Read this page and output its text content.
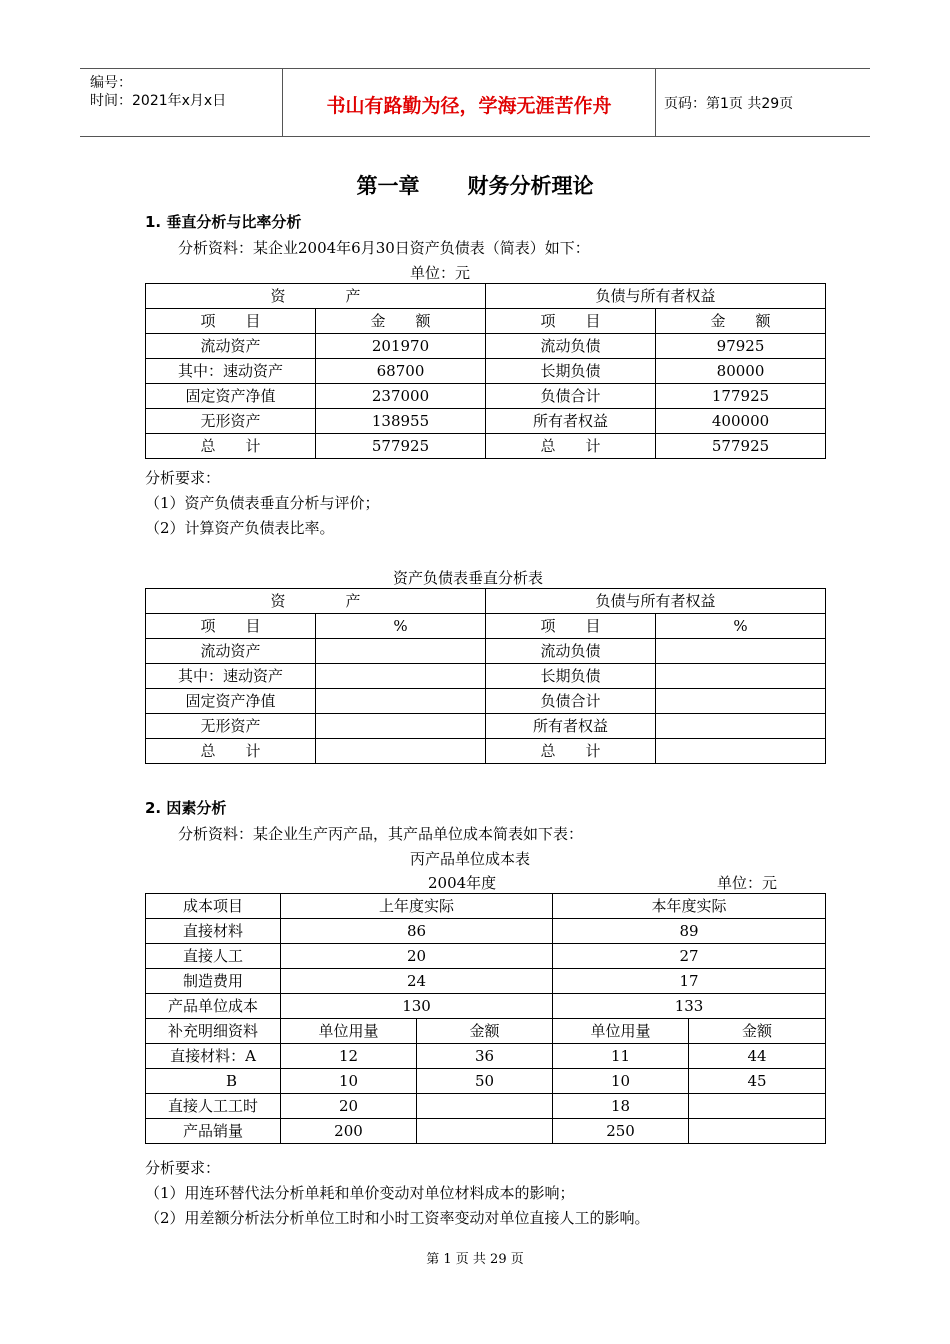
编号：
时间：2021年x月x日	书山有路勤为径，学海无涯苦作舟	页码：第1页 共29页
第一章 财务分析理论
1. 垂直分析与比率分析
分析资料：某企业2004年6月30日资产负债表（简表）如下：
单位：元
资　　　　产		负债与所有者权益	
项　　目	金　　额	项　　目	金　　额
流动资产	201970	流动负债	97925
其中：速动资产	68700	长期负债	80000
固定资产净值	237000	负债合计	177925
无形资产	138955	所有者权益	400000
总　　计	577925	总　　计	577925
分析要求：
（1）资产负债表垂直分析与评价；
（2）计算资产负债表比率。
资产负债表垂直分析表
资　　　　产		负债与所有者权益	
项　　目	%	项　　目	%
流动资产		流动负债	
其中：速动资产		长期负债	
固定资产净值		负债合计	
无形资产		所有者权益	
总　　计		总　　计	
2. 因素分析
分析资料：某企业生产丙产品，其产品单位成本简表如下表：
丙产品单位成本表
2004年度	单位：元
成本项目	上年度实际		本年度实际	
直接材料	86		89	
直接人工	20		27	
制造费用	24		17	
产品单位成本	130		133	
补充明细资料	单位用量	金额	单位用量	金额
直接材料：A	12	36	11	44
B	10	50	10	45
直接人工工时	20		18	
产品销量	200		250	
分析要求：
（1）用连环替代法分析单耗和单价变动对单位材料成本的影响；
（2）用差额分析法分析单位工时和小时工资率变动对单位直接人工的影响。
第 1 页 共 29 页
